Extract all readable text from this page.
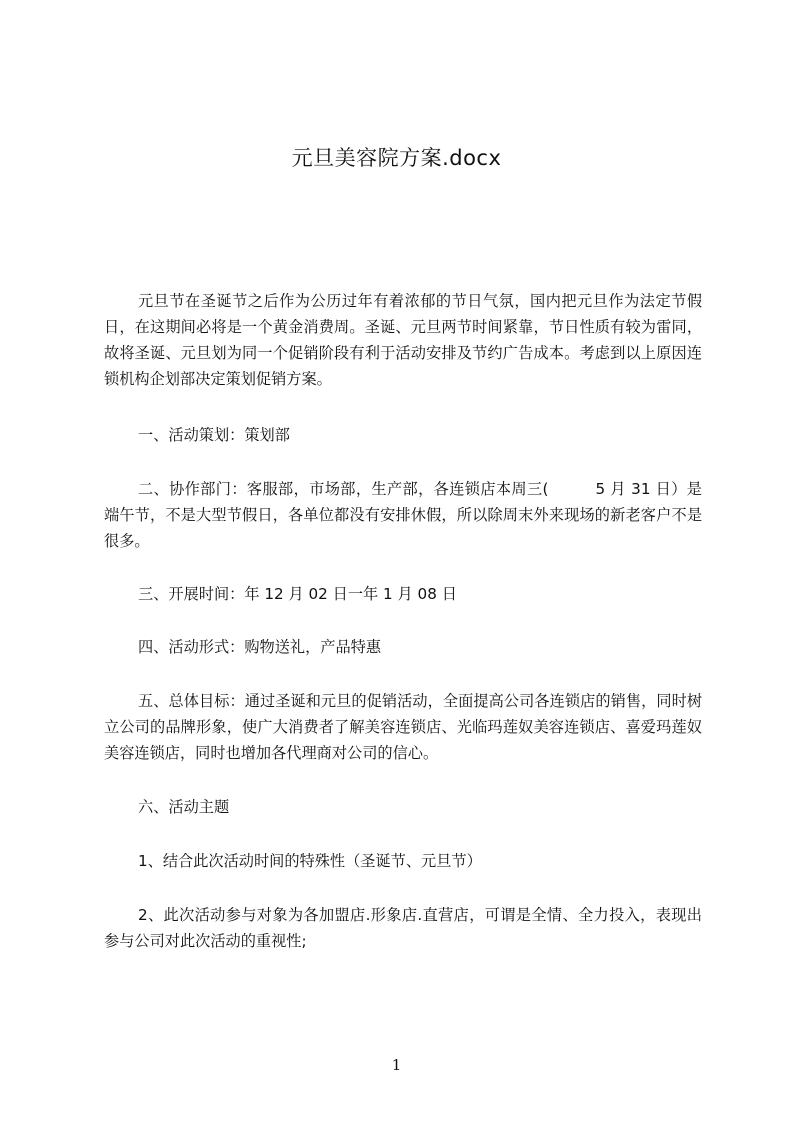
元旦美容院方案.docx

元旦节在圣诞节之后作为公历过年有着浓郁的节日气氛，国内把元旦作为法定节假日，在这期间必将是一个黄金消费周。圣诞、元旦两节时间紧靠，节日性质有较为雷同，故将圣诞、元旦划为同一个促销阶段有利于活动安排及节约广告成本。考虑到以上原因连锁机构企划部决定策划促销方案。

一、活动策划：策划部

二、协作部门：客服部，市场部，生产部，各连锁店本周三(　　　5 月 31 日）是端午节，不是大型节假日，各单位都没有安排休假，所以除周末外来现场的新老客户不是很多。

三、开展时间：年 12 月 02 日一年 1 月 08 日

四、活动形式：购物送礼，产品特惠

五、总体目标：通过圣诞和元旦的促销活动，全面提高公司各连锁店的销售，同时树立公司的品牌形象，使广大消费者了解美容连锁店、光临玛莲奴美容连锁店、喜爱玛莲奴美容连锁店，同时也增加各代理商对公司的信心。

六、活动主题

1、结合此次活动时间的特殊性（圣诞节、元旦节）

2、此次活动参与对象为各加盟店.形象店.直营店，可谓是全情、全力投入，表现出参与公司对此次活动的重视性;

1
